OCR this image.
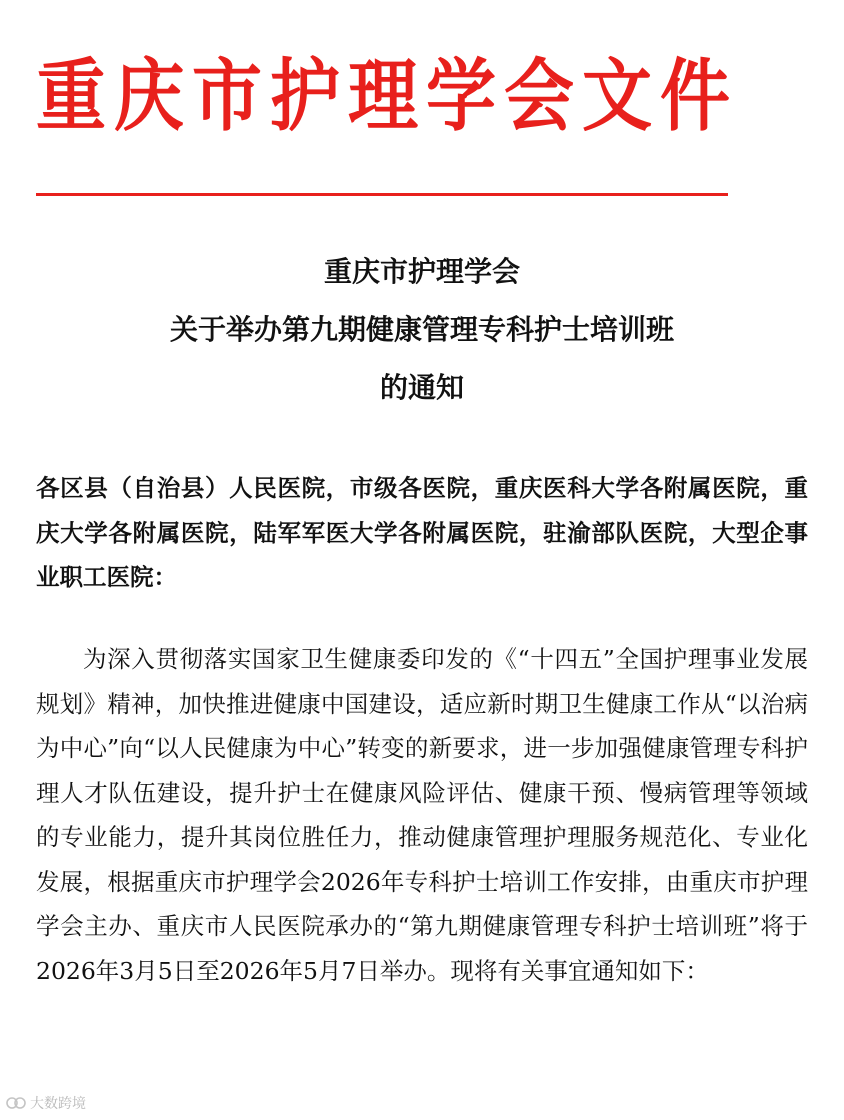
重庆市护理学会文件
重庆市护理学会
关于举办第九期健康管理专科护士培训班
的通知
各区县（自治县）人民医院，市级各医院，重庆医科大学各附属医院，重庆大学各附属医院，陆军军医大学各附属医院，驻渝部队医院，大型企事业职工医院：
为深入贯彻落实国家卫生健康委印发的《“十四五”全国护理事业发展规划》精神，加快推进健康中国建设，适应新时期卫生健康工作从“以治病为中心”向“以人民健康为中心”转变的新要求，进一步加强健康管理专科护理人才队伍建设，提升护士在健康风险评估、健康干预、慢病管理等领域的专业能力，提升其岗位胜任力，推动健康管理护理服务规范化、专业化发展，根据重庆市护理学会2026年专科护士培训工作安排，由重庆市护理学会主办、重庆市人民医院承办的“第九期健康管理专科护士培训班”将于2026年3月5日至2026年5月7日举办。现将有关事宜通知如下：
大数跨境
